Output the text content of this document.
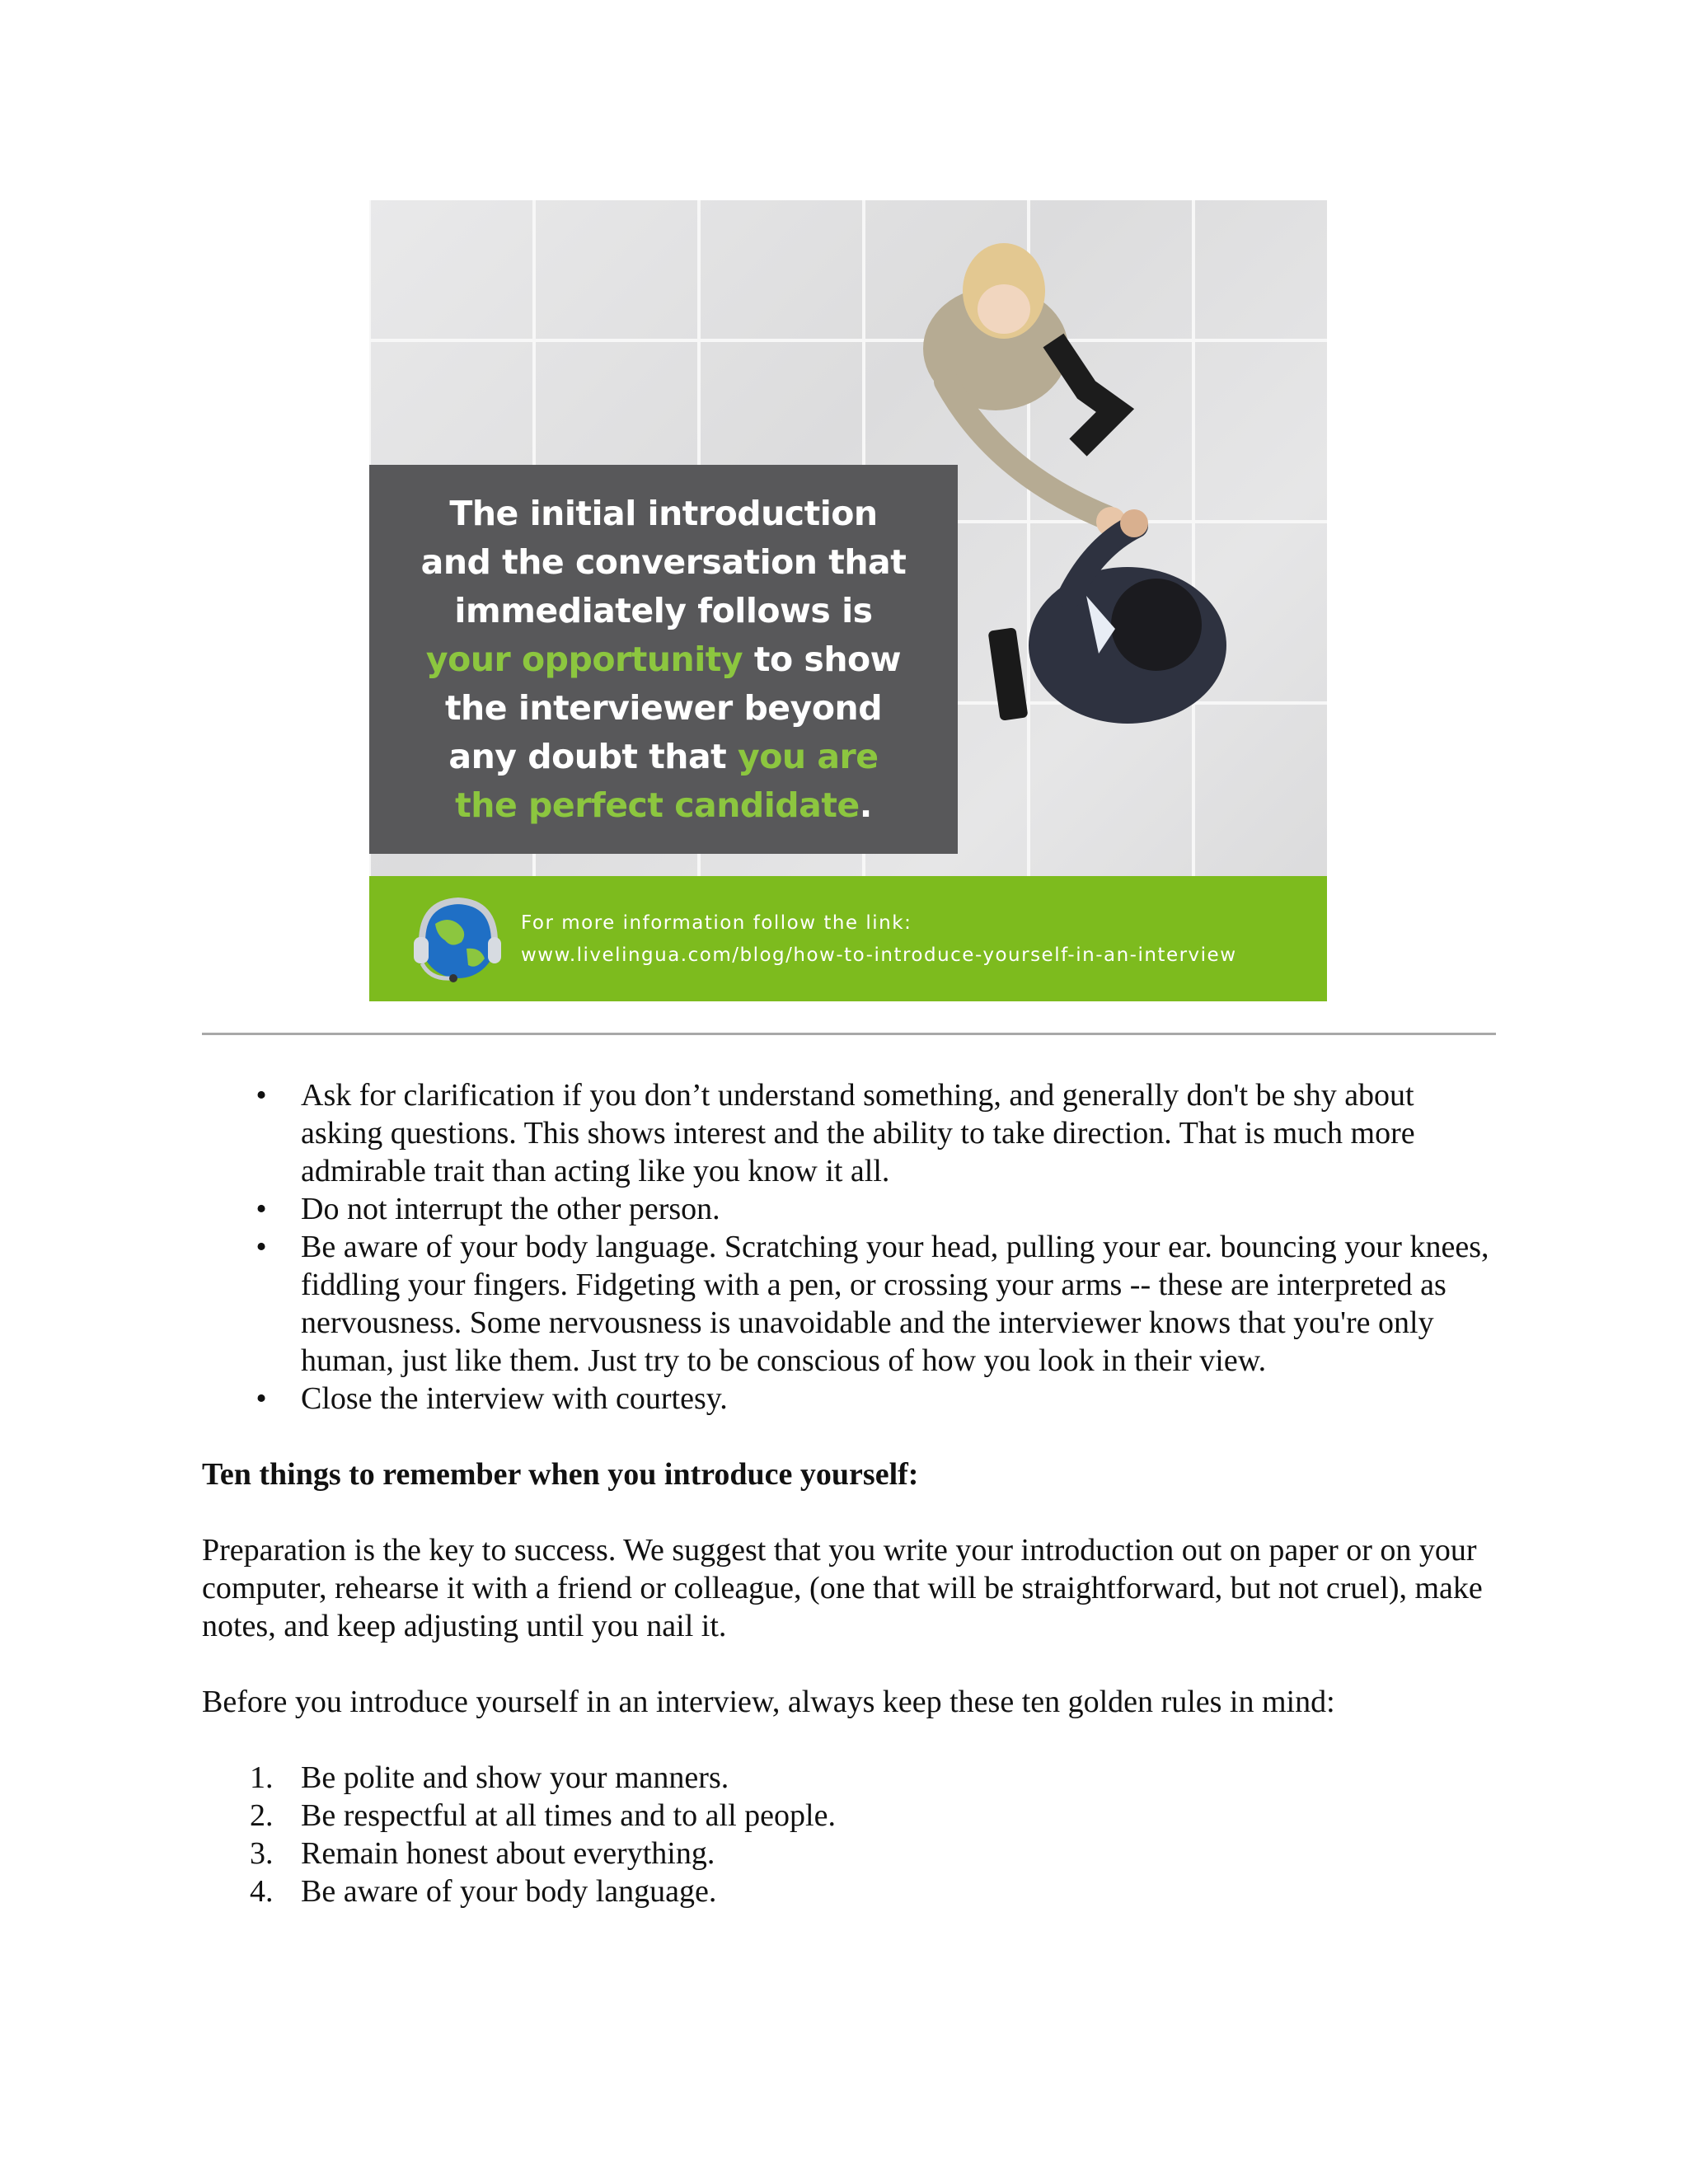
The initial introduction and the conversation that immediately follows is your opportunity to show the interviewer beyond any doubt that you are the perfect candidate.

For more information follow the link:
www.livelingua.com/blog/how-to-introduce-yourself-in-an-interview
• Ask for clarification if you don’t understand something, and generally don't be shy about asking questions. This shows interest and the ability to take direction. That is much more admirable trait than acting like you know it all.
• Do not interrupt the other person.
• Be aware of your body language. Scratching your head, pulling your ear. bouncing your knees, fiddling your fingers. Fidgeting with a pen, or crossing your arms -- these are interpreted as nervousness. Some nervousness is unavoidable and the interviewer knows that you're only human, just like them. Just try to be conscious of how you look in their view.
• Close the interview with courtesy.

Ten things to remember when you introduce yourself:

Preparation is the key to success. We suggest that you write your introduction out on paper or on your computer, rehearse it with a friend or colleague, (one that will be straightforward, but not cruel), make notes, and keep adjusting until you nail it.

Before you introduce yourself in an interview, always keep these ten golden rules in mind:

1. Be polite and show your manners.
2. Be respectful at all times and to all people.
3. Remain honest about everything.
4. Be aware of your body language.
